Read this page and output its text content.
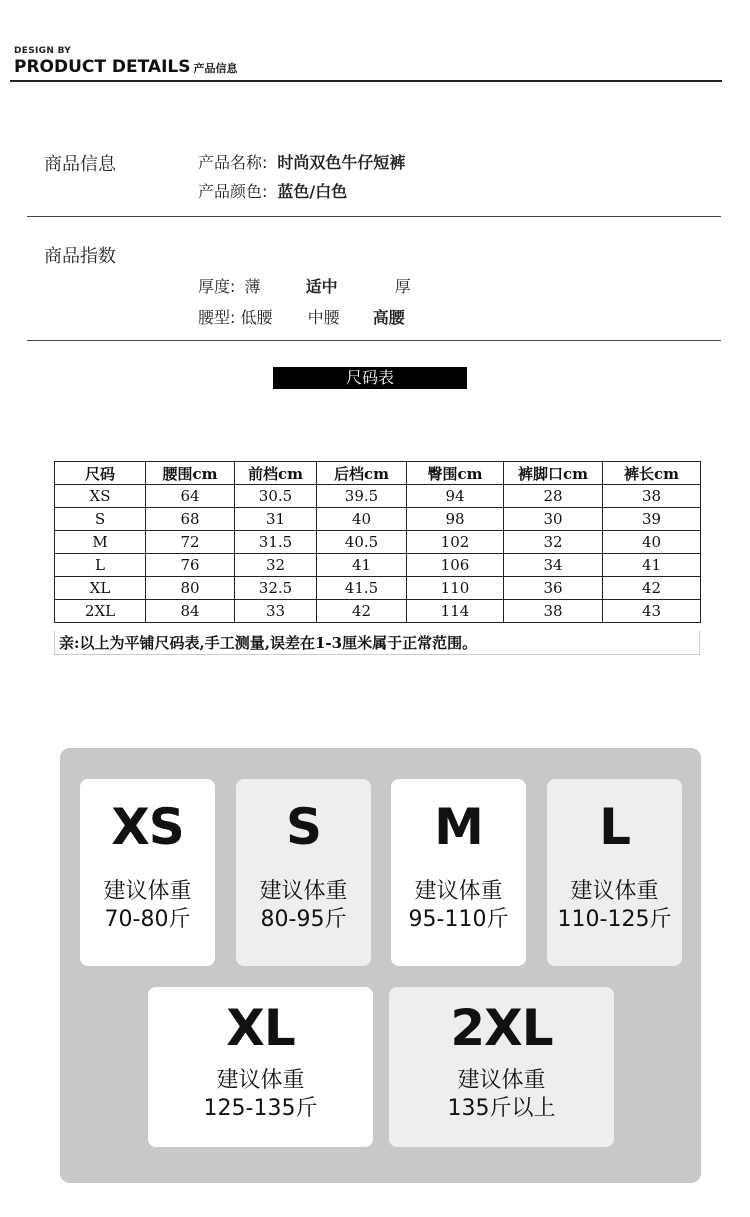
DESIGN BY
PRODUCT DETAILS 产品信息
商品信息	产品名称: 时尚双色牛仔短裤
产品颜色: 蓝色/白色
商品指数
厚度: 薄	适中	厚
腰型: 低腰 中腰 高腰
尺码表
尺码	腰围cm	前档cm	后档cm	臀围cm	裤脚口cm	裤长cm
XS	64	30.5	39.5	94	28	38
S	68	31	40	98	30	39
M	72	31.5	40.5	102	32	40
L	76	32	41	106	34	41
XL	80	32.5	41.5	110	36	42
2XL	84	33	42	114	38	43
亲:以上为平铺尺码表,手工测量,误差在1-3厘米属于正常范围。
XS
建议体重
70-80斤
S
建议体重
80-95斤
M
建议体重
95-110斤
L
建议体重
110-125斤
XL
建议体重
125-135斤
2XL
建议体重
135斤以上
